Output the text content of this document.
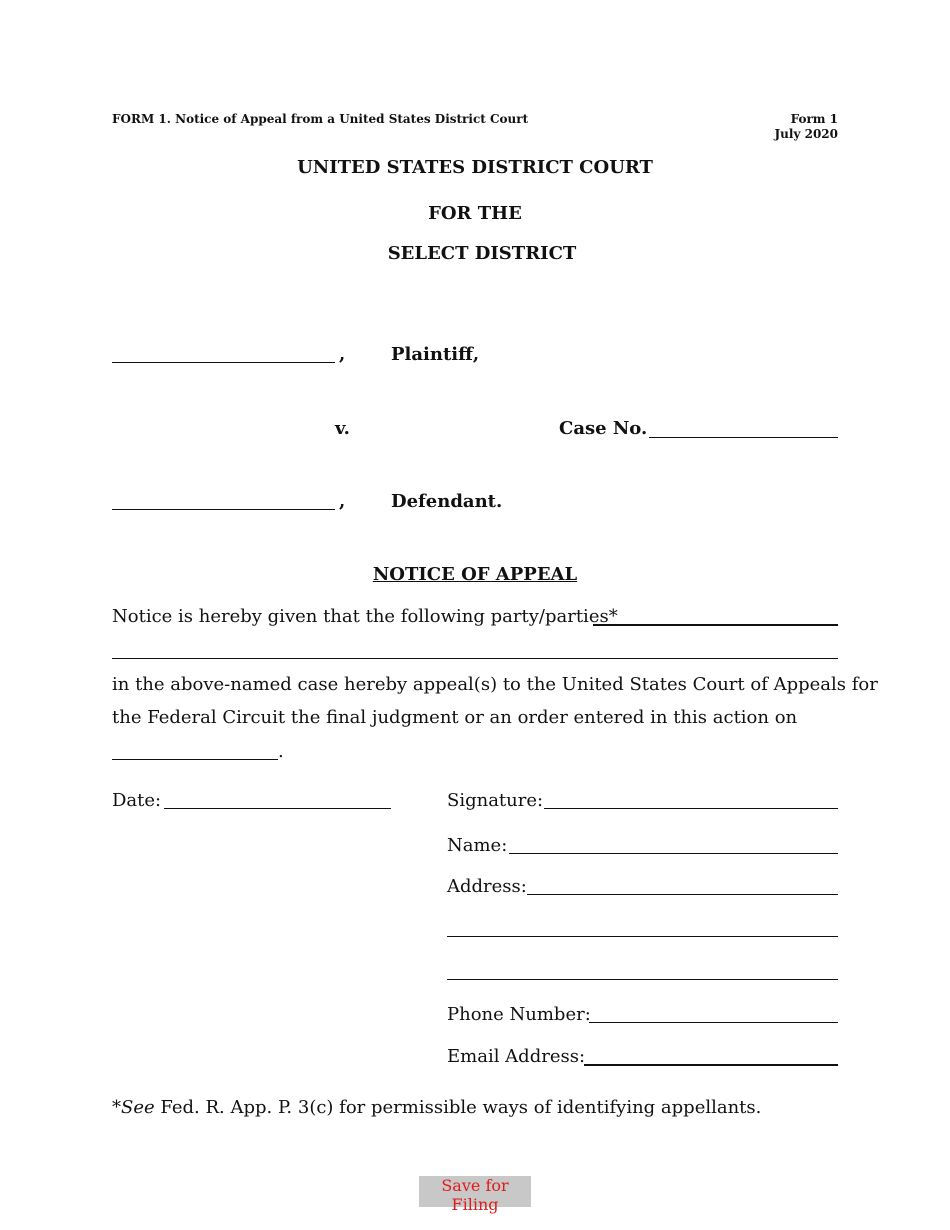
FORM 1. Notice of Appeal from a United States District Court	Form 1
July 2020
UNITED STATES DISTRICT COURT
FOR THE
SELECT DISTRICT
,	Plaintiff,
v.	Case No.
,	Defendant.
NOTICE OF APPEAL
Notice is hereby given that the following party/parties*
in the above-named case hereby appeal(s) to the United States Court of Appeals for
the Federal Circuit the final judgment or an order entered in this action on
.
Date:	Signature:
Name:
Address:
Phone Number:
Email Address:
*See Fed. R. App. P. 3(c) for permissible ways of identifying appellants.
Save for Filing
